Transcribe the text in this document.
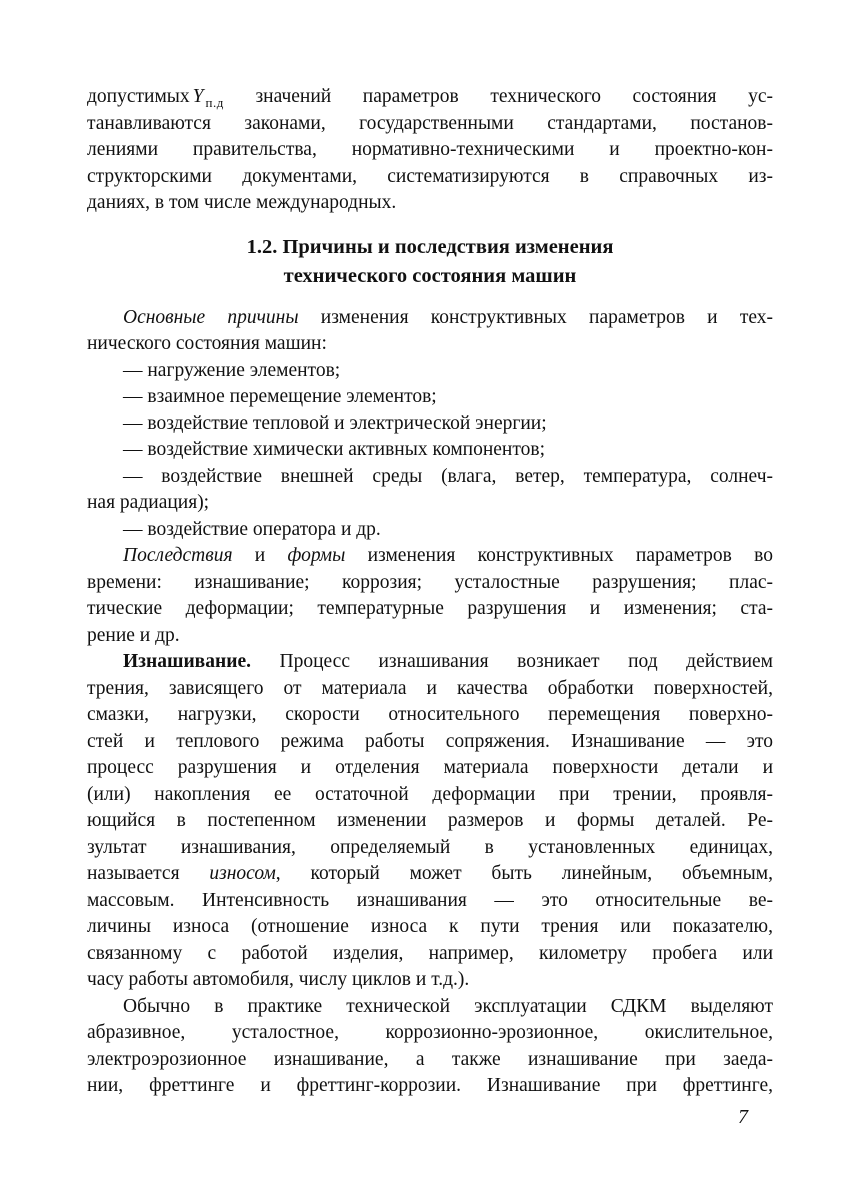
допустимых Y $_{п.д}$ значений параметров технического состояния ус-
танавливаются законами, государственными стандартами, постанов-
лениями правительства, нормативно-техническими и проектно-кон-
структорскими документами, систематизируются в справочных из-
даниях, в том числе международных.
1.2. Причины и последствия изменения
технического состояния машин
Основные причины изменения конструктивных параметров и тех-
нического состояния машин:
— нагружение элементов;
— взаимное перемещение элементов;
— воздействие тепловой и электрической энергии;
— воздействие химически активных компонентов;
— воздействие внешней среды (влага, ветер, температура, солнеч-
ная радиация);
— воздействие оператора и др.
Последствия и формы изменения конструктивных параметров во
времени: изнашивание; коррозия; усталостные разрушения; плас-
тические деформации; температурные разрушения и изменения; ста-
рение и др.
Изнашивание. Процесс изнашивания возникает под действием
трения, зависящего от материала и качества обработки поверхностей,
смазки, нагрузки, скорости относительного перемещения поверхно-
стей и теплового режима работы сопряжения. Изнашивание — это
процесс разрушения и отделения материала поверхности детали и
(или) накопления ее остаточной деформации при трении, проявля-
ющийся в постепенном изменении размеров и формы деталей. Ре-
зультат изнашивания, определяемый в установленных единицах,
называется износом, который может быть линейным, объемным,
массовым. Интенсивность изнашивания — это относительные ве-
личины износа (отношение износа к пути трения или показателю,
связанному с работой изделия, например, километру пробега или
часу работы автомобиля, числу циклов и т.д.).
Обычно в практике технической эксплуатации СДКМ выделяют
абразивное, усталостное, коррозионно-эрозионное, окислительное,
электроэрозионное изнашивание, а также изнашивание при заеда-
нии, фреттинге и фреттинг-коррозии. Изнашивание при фреттинге,
7
